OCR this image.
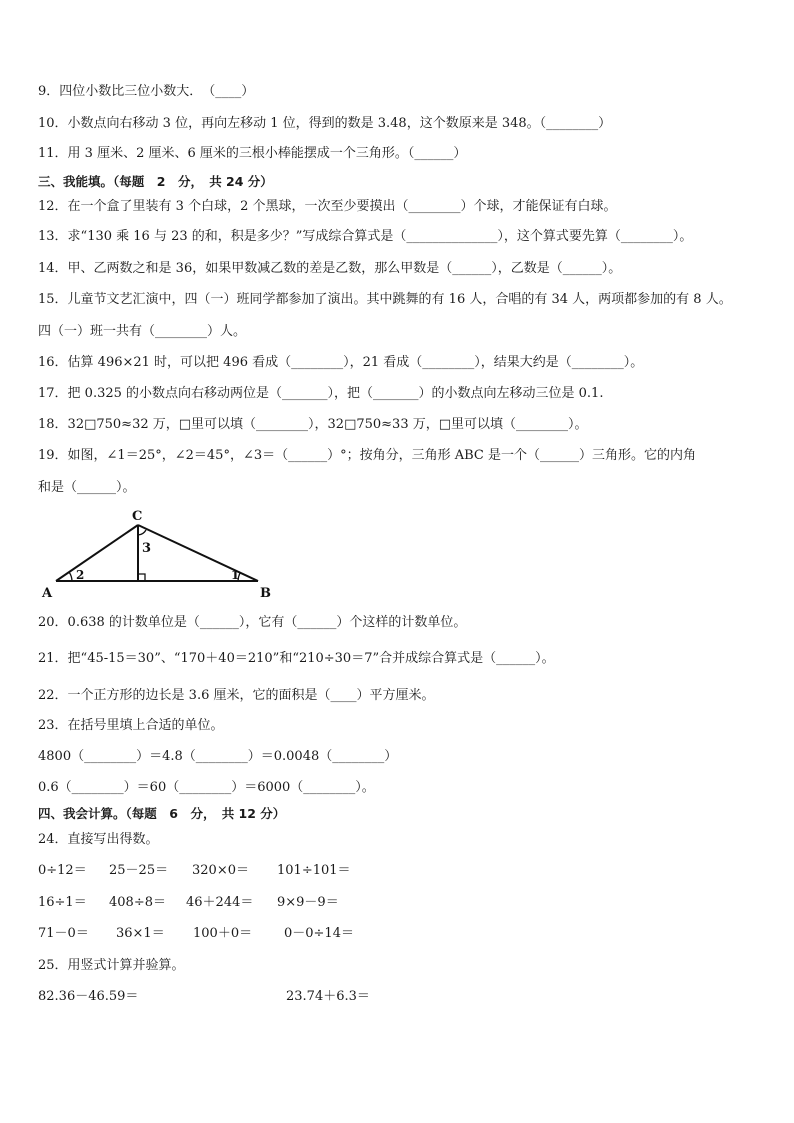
9．四位小数比三位小数大．　（____）
10．小数点向右移动 3 位，再向左移动 1 位，得到的数是 3.48，这个数原来是 348。（________）
11．用 3 厘米、2 厘米、6 厘米的三根小棒能摆成一个三角形。（______）
三、我能填。（每题　2　分，　共 24 分）
12．在一个盒了里装有 3 个白球，2 个黑球，一次至少要摸出（________）个球，才能保证有白球。
13．求“130 乘 16 与 23 的和，积是多少？”写成综合算式是（______________），这个算式要先算（________）。
14．甲、乙两数之和是 36，如果甲数减乙数的差是乙数，那么甲数是（______），乙数是（______）。
15．儿童节文艺汇演中，四（一）班同学都参加了演出。其中跳舞的有 16 人，合唱的有 34 人，两项都参加的有 8 人。
四（一）班一共有（________）人。
16．估算 496×21 时，可以把 496 看成（________），21 看成（________），结果大约是（________）。
17．把 0.325 的小数点向右移动两位是（_______），把（_______）的小数点向左移动三位是 0.1.
18．32□750≈32 万，□里可以填（________），32□750≈33 万，□里可以填（________）。
19．如图，∠1＝25°，∠2＝45°，∠3＝（______）°；按角分，三角形 ABC 是一个（______）三角形。它的内角
和是（______）。
C
A	B
3
2	1
20．0.638 的计数单位是（______），它有（______）个这样的计数单位。
21．把“45-15＝30”、“170＋40＝210”和“210÷30＝7”合并成综合算式是（______）。
22．一个正方形的边长是 3.6 厘米，它的面积是（____）平方厘米。
23．在括号里填上合适的单位。
4800（________）＝4.8（________）＝0.0048（________）
0.6（________）＝60（________）＝6000（________）。
四、我会计算。（每题　6　分，　共 12 分）
24．直接写出得数。
0÷12＝ 25－25＝ 320×0＝ 101÷101＝
16÷1＝ 408÷8＝ 46＋244＝ 9×9－9＝
71－0＝ 36×1＝ 100＋0＝ 0－0÷14＝
25．用竖式计算并验算。
82.36－46.59＝	23.74＋6.3＝
